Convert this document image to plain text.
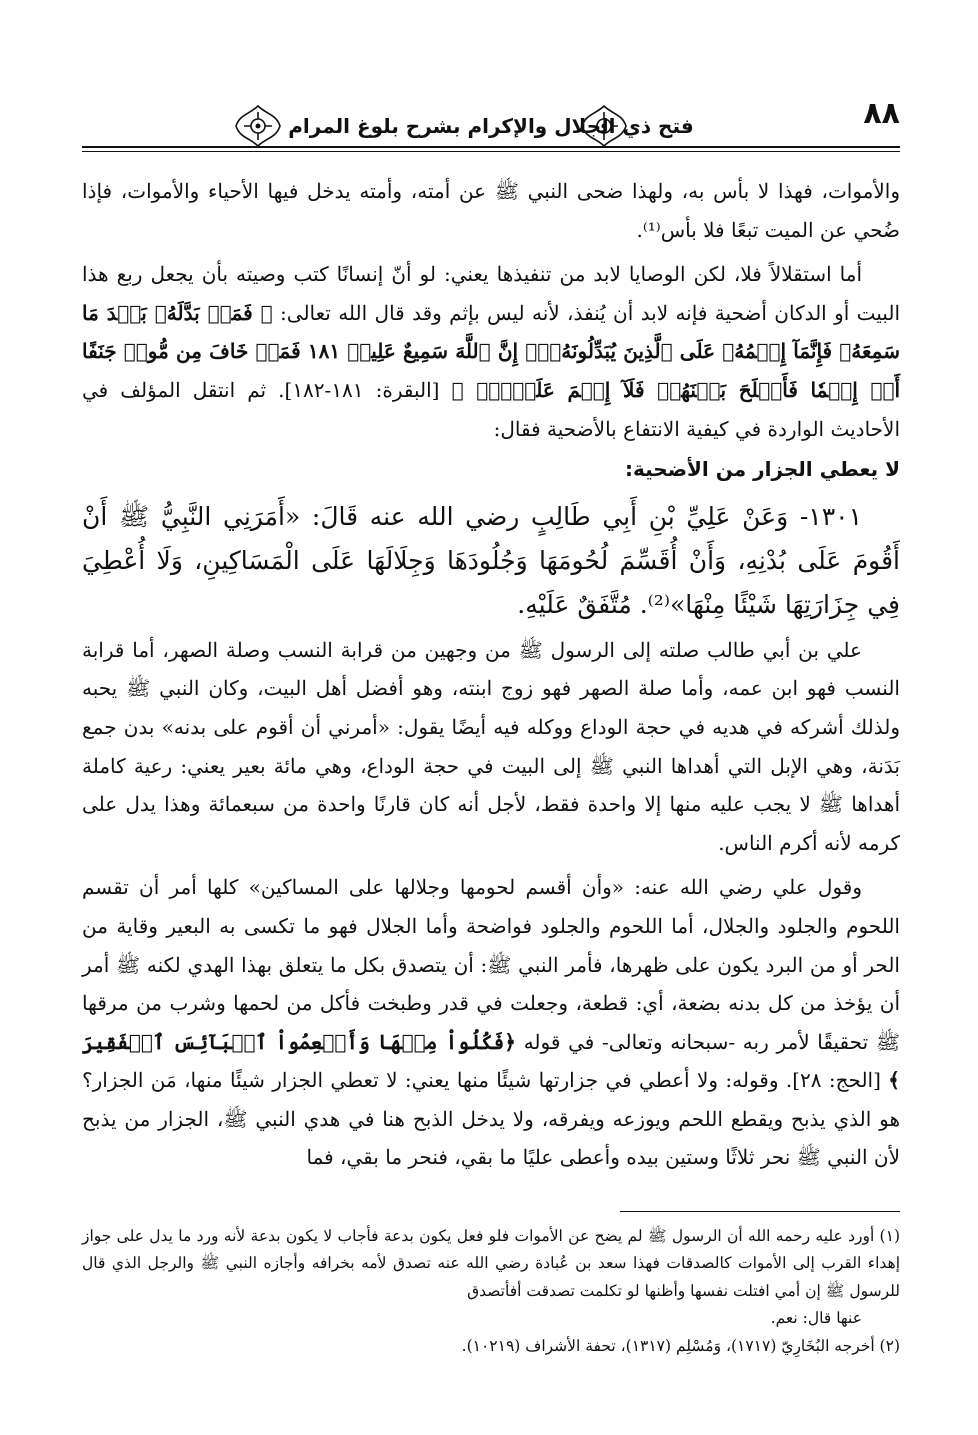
٨٨
فتح ذي الجلال والإكرام بشرح بلوغ المرام

والأموات، فهذا لا بأس به، ولهذا ضحى النبي ﷺ عن أمته، وأمته يدخل فيها الأحياء والأموات، فإذا ضُحي عن الميت تبعًا فلا بأس⁽¹⁾.

أما استقلالاً فلا، لكن الوصايا لابد من تنفيذها يعني: لو أنّ إنسانًا كتب وصيته بأن يجعل ربع هذا البيت أو الدكان أضحية فإنه لابد أن يُنفذ، لأنه ليس بإثم وقد قال الله تعالى: ﴿ فَمَنۢ بَدَّلَهُۥ بَعۡدَ مَا سَمِعَهُۥ فَإِنَّمَآ إِثۡمُهُۥ عَلَى ٱلَّذِينَ يُبَدِّلُونَهُۥٓۚ إِنَّ ٱللَّهَ سَمِيعٌ عَلِيمٞ ١٨١ فَمَنۡ خَافَ مِن مُّوصٖ جَنَفًا أَوۡ إِثۡمٗا فَأَصۡلَحَ بَيۡنَهُمۡ فَلَآ إِثۡمَ عَلَيۡهِۚ ﴾ [البقرة: ١٨١-١٨٢]. ثم انتقل المؤلف في الأحاديث الواردة في كيفية الانتفاع بالأضحية فقال:

لا يعطي الجزار من الأضحية:

١٣٠١- وَعَنْ عَلِيِّ بْنِ أَبِي طَالِبٍ رضي الله عنه قَالَ: «أَمَرَنِي النَّبِيُّ ﷺ أَنْ أَقُومَ عَلَى بُدْنِهِ، وَأَنْ أُقَسِّمَ لُحُومَهَا وَجُلُودَهَا وَجِلَالَهَا عَلَى الْمَسَاكِينِ، وَلَا أُعْطِيَ فِي جِزَارَتِهَا شَيْئًا مِنْهَا»⁽²⁾. مُتَّفَقٌ عَلَيْهِ.

علي بن أبي طالب صلته إلى الرسول ﷺ من وجهين من قرابة النسب وصلة الصهر، أما قرابة النسب فهو ابن عمه، وأما صلة الصهر فهو زوج ابنته، وهو أفضل أهل البيت، وكان النبي ﷺ يحبه ولذلك أشركه في هديه في حجة الوداع ووكله فيه أيضًا يقول: «أمرني أن أقوم على بدنه» بدن جمع بَدَنة، وهي الإبل التي أهداها النبي ﷺ إلى البيت في حجة الوداع، وهي مائة بعير يعني: رعية كاملة أهداها ﷺ لا يجب عليه منها إلا واحدة فقط، لأجل أنه كان قارنًا واحدة من سبعمائة وهذا يدل على كرمه لأنه أكرم الناس.

وقول علي رضي الله عنه: «وأن أقسم لحومها وجلالها على المساكين» كلها أمر أن تقسم اللحوم والجلود والجلال، أما اللحوم والجلود فواضحة وأما الجلال فهو ما تكسى به البعير وقاية من الحر أو من البرد يكون على ظهرها، فأمر النبي ﷺ: أن يتصدق بكل ما يتعلق بهذا الهدي لكنه ﷺ أمر أن يؤخذ من كل بدنه بضعة، أي: قطعة، وجعلت في قدر وطبخت فأكل من لحمها وشرب من مرقها ﷺ تحقيقًا لأمر ربه -سبحانه وتعالى- في قوله ﴿فَكُلُواْ مِنۡهَا وَأَطۡعِمُواْ ٱلۡبَآئِسَ ٱلۡفَقِيرَ ﴾ [الحج: ٢٨]. وقوله: ولا أعطي في جزارتها شيئًا منها يعني: لا تعطي الجزار شيئًا منها، مَن الجزار؟ هو الذي يذبح ويقطع اللحم ويوزعه ويفرقه، ولا يدخل الذبح هنا في هدي النبي ﷺ، الجزار من يذبح لأن النبي ﷺ نحر ثلاثًا وستين بيده وأعطى عليًا ما بقي، فنحر ما بقي، فما

(١) أورد عليه رحمه الله أن الرسول ﷺ لم يضح عن الأموات فلو فعل يكون بدعة فأجاب لا يكون بدعة لأنه ورد ما يدل على جواز إهداء القرب إلى الأموات كالصدقات فهذا سعد بن عُبادة رضي الله عنه تصدق لأمه بخرافه وأجازه النبي ﷺ والرجل الذي قال للرسول ﷺ إن أمي افتلت نفسها وأظنها لو تكلمت تصدقت أفأتصدق

عنها قال: نعم.

(٢) أخرجه البُخَارِيّ (١٧١٧)، وَمُسْلِم (١٣١٧)، تحفة الأشراف (١٠٢١٩).
